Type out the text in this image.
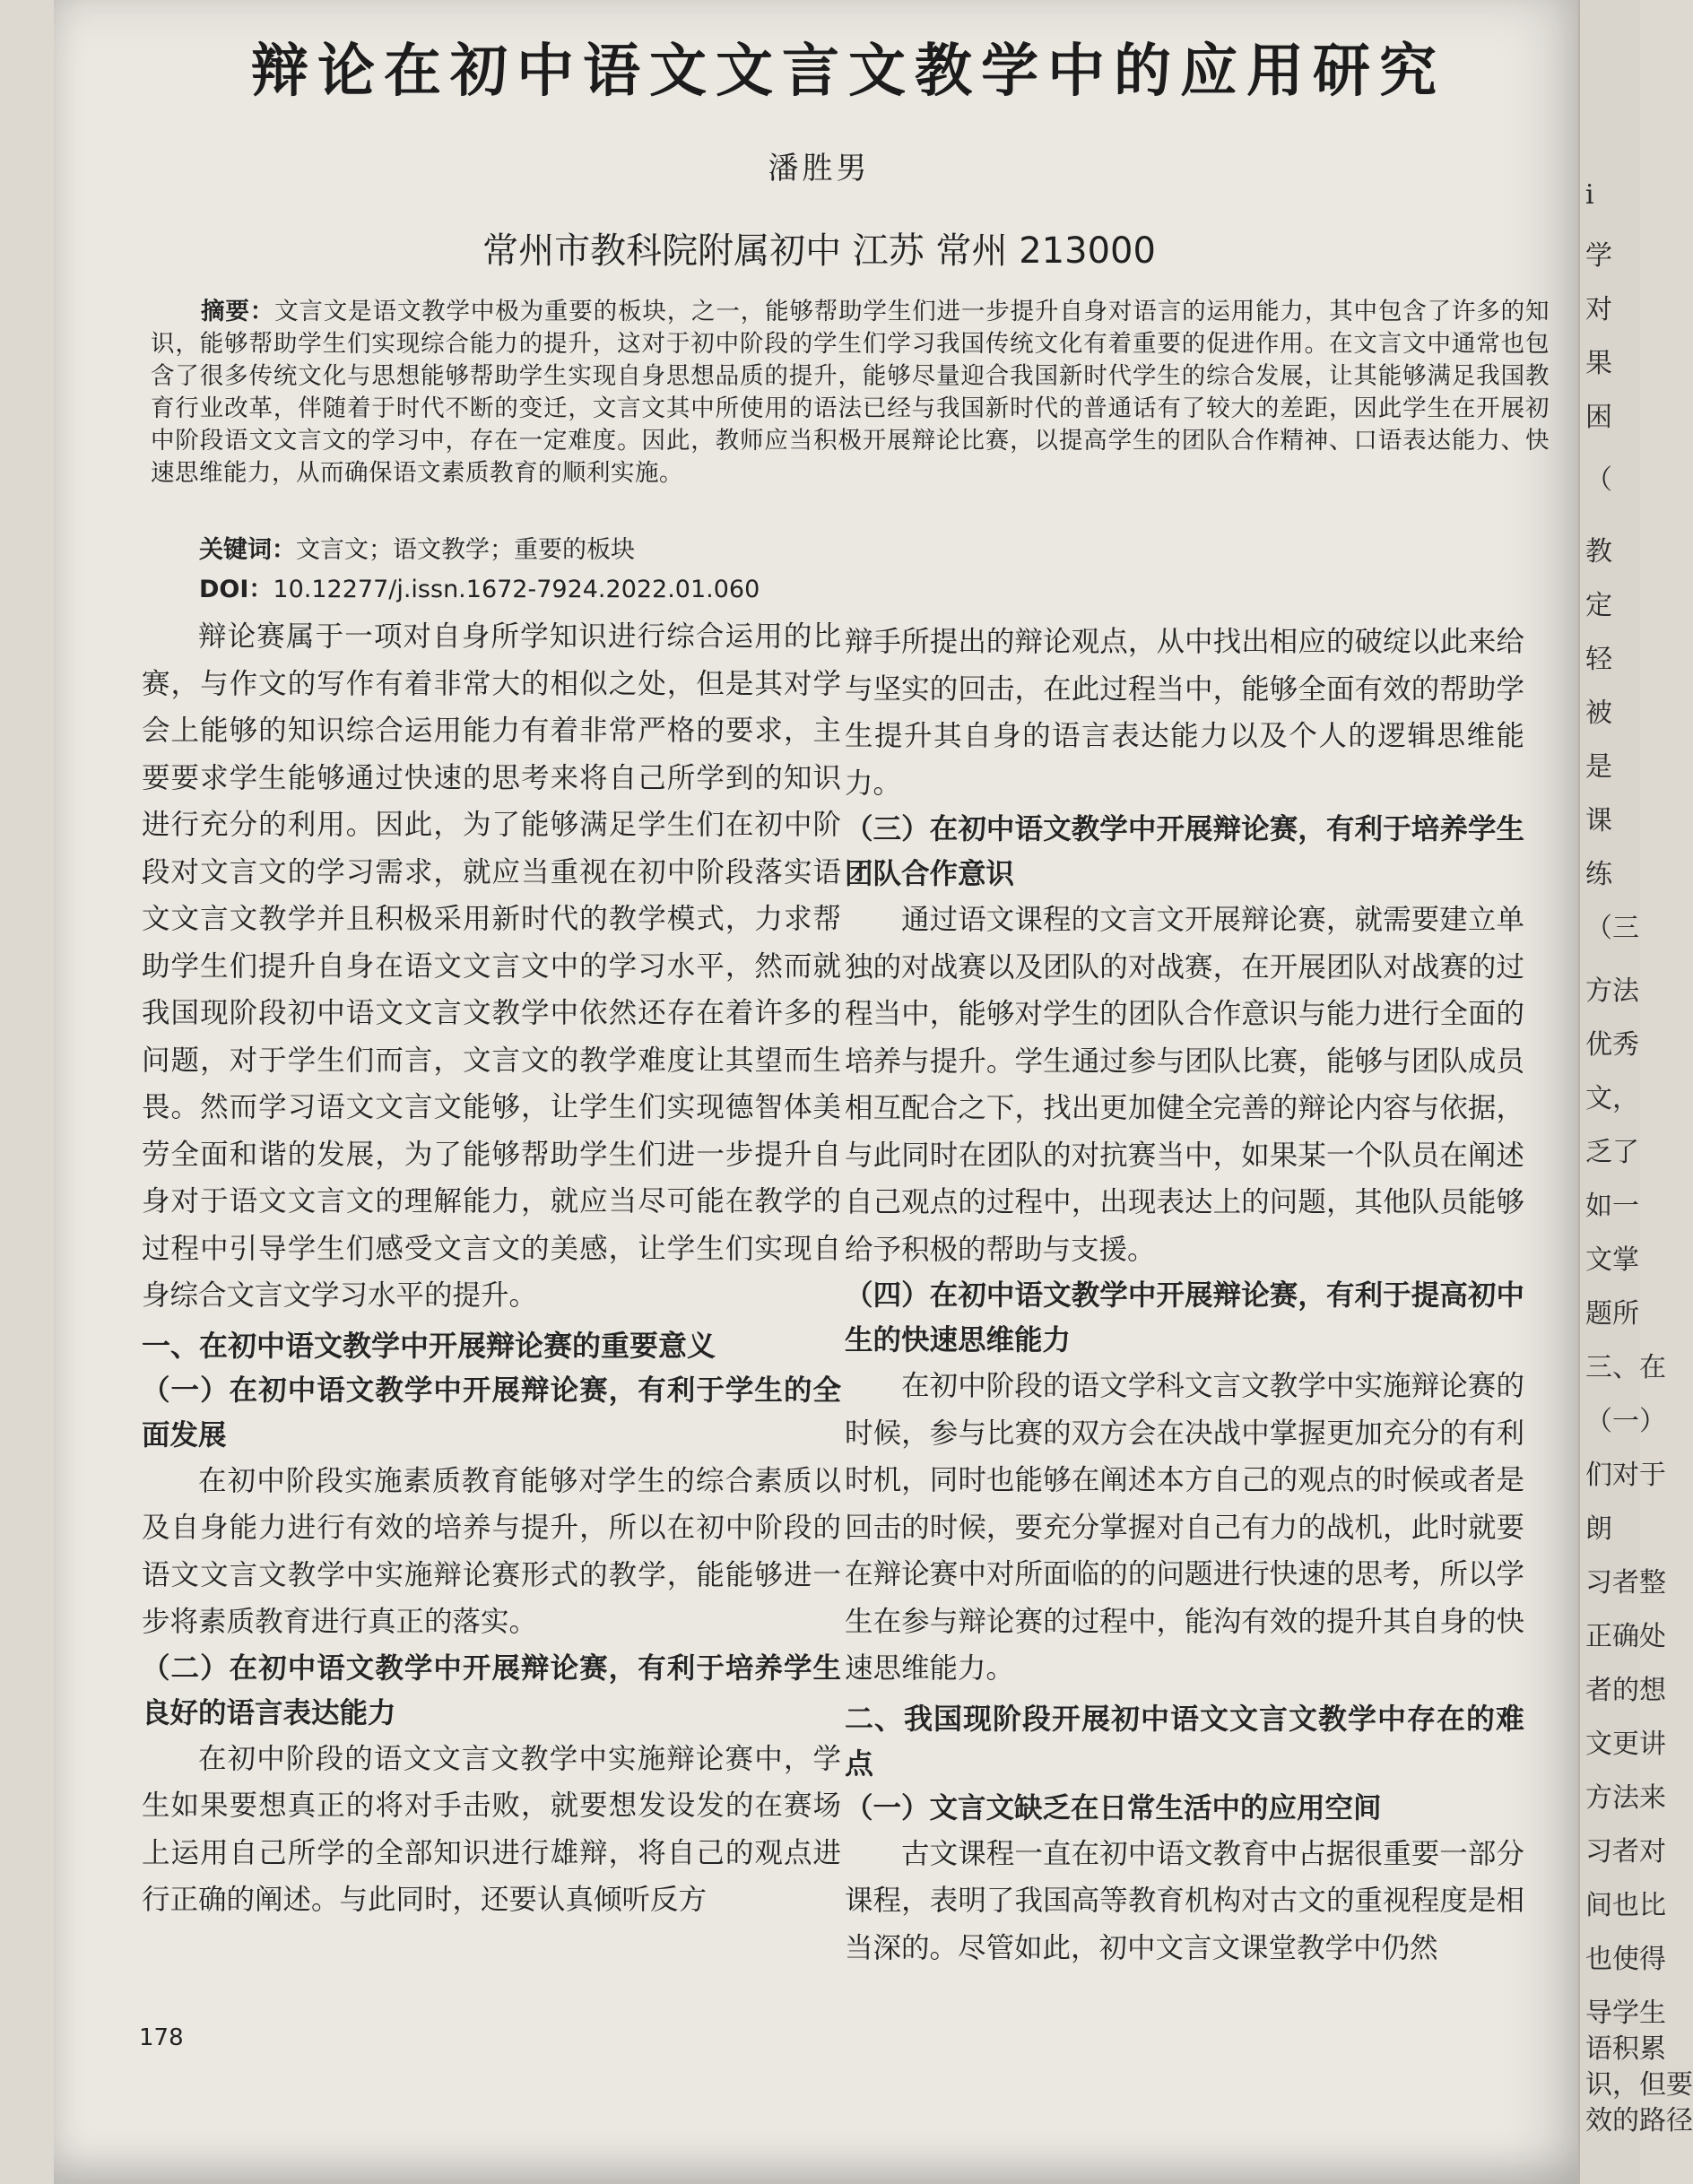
i
学
对
果
困
（
教
定
轻
被
是
课
练
（三
方法
优秀
文，
乏了
如一
文掌
题所
三、在
（一）
们对于
朗
习者整
正确处
者的想
文更讲
方法来
习者对
间也比
也使得
导学生
语积累
识，但要
效的路径
辩论在初中语文文言文教学中的应用研究
潘胜男
常州市教科院附属初中 江苏 常州 213000

摘要：文言文是语文教学中极为重要的板块，之一，能够帮助学生们进一步提升自身对语言的运用能力，其中包含了许多的知识，能够帮助学生们实现综合能力的提升，这对于初中阶段的学生们学习我国传统文化有着重要的促进作用。在文言文中通常也包含了很多传统文化与思想能够帮助学生实现自身思想品质的提升，能够尽量迎合我国新时代学生的综合发展，让其能够满足我国教育行业改革，伴随着于时代不断的变迁，文言文其中所使用的语法已经与我国新时代的普通话有了较大的差距，因此学生在开展初中阶段语文文言文的学习中，存在一定难度。因此，教师应当积极开展辩论比赛，以提高学生的团队合作精神、口语表达能力、快速思维能力，从而确保语文素质教育的顺利实施。

关键词：文言文；语文教学；重要的板块
DOI：10.12277/j.issn.1672-7924.2022.01.060

辩论赛属于一项对自身所学知识进行综合运用的比赛，与作文的写作有着非常大的相似之处，但是其对学会上能够的知识综合运用能力有着非常严格的要求，主要要求学生能够通过快速的思考来将自己所学到的知识进行充分的利用。因此，为了能够满足学生们在初中阶段对文言文的学习需求，就应当重视在初中阶段落实语文文言文教学并且积极采用新时代的教学模式，力求帮助学生们提升自身在语文文言文中的学习水平，然而就我国现阶段初中语文文言文教学中依然还存在着许多的问题，对于学生们而言，文言文的教学难度让其望而生畏。然而学习语文文言文能够，让学生们实现德智体美劳全面和谐的发展，为了能够帮助学生们进一步提升自身对于语文文言文的理解能力，就应当尽可能在教学的过程中引导学生们感受文言文的美感，让学生们实现自身综合文言文学习水平的提升。

一、在初中语文教学中开展辩论赛的重要意义
（一）在初中语文教学中开展辩论赛，有利于学生的全面发展

在初中阶段实施素质教育能够对学生的综合素质以及自身能力进行有效的培养与提升，所以在初中阶段的语文文言文教学中实施辩论赛形式的教学，能能够进一步将素质教育进行真正的落实。

（二）在初中语文教学中开展辩论赛，有利于培养学生良好的语言表达能力

在初中阶段的语文文言文教学中实施辩论赛中，学生如果要想真正的将对手击败，就要想发设发的在赛场上运用自己所学的全部知识进行雄辩，将自己的观点进行正确的阐述。与此同时，还要认真倾听反方

辩手所提出的辩论观点，从中找出相应的破绽以此来给与坚实的回击，在此过程当中，能够全面有效的帮助学生提升其自身的语言表达能力以及个人的逻辑思维能力。

（三）在初中语文教学中开展辩论赛，有利于培养学生团队合作意识

通过语文课程的文言文开展辩论赛，就需要建立单独的对战赛以及团队的对战赛，在开展团队对战赛的过程当中，能够对学生的团队合作意识与能力进行全面的培养与提升。学生通过参与团队比赛，能够与团队成员相互配合之下，找出更加健全完善的辩论内容与依据，与此同时在团队的对抗赛当中，如果某一个队员在阐述自己观点的过程中，出现表达上的问题，其他队员能够给予积极的帮助与支援。

（四）在初中语文教学中开展辩论赛，有利于提高初中生的快速思维能力

在初中阶段的语文学科文言文教学中实施辩论赛的时候，参与比赛的双方会在决战中掌握更加充分的有利时机，同时也能够在阐述本方自己的观点的时候或者是回击的时候，要充分掌握对自己有力的战机，此时就要在辩论赛中对所面临的的问题进行快速的思考，所以学生在参与辩论赛的过程中，能沟有效的提升其自身的快速思维能力。

二、我国现阶段开展初中语文文言文教学中存在的难点
（一）文言文缺乏在日常生活中的应用空间

古文课程一直在初中语文教育中占据很重要一部分课程，表明了我国高等教育机构对古文的重视程度是相当深的。尽管如此，初中文言文课堂教学中仍然

178
